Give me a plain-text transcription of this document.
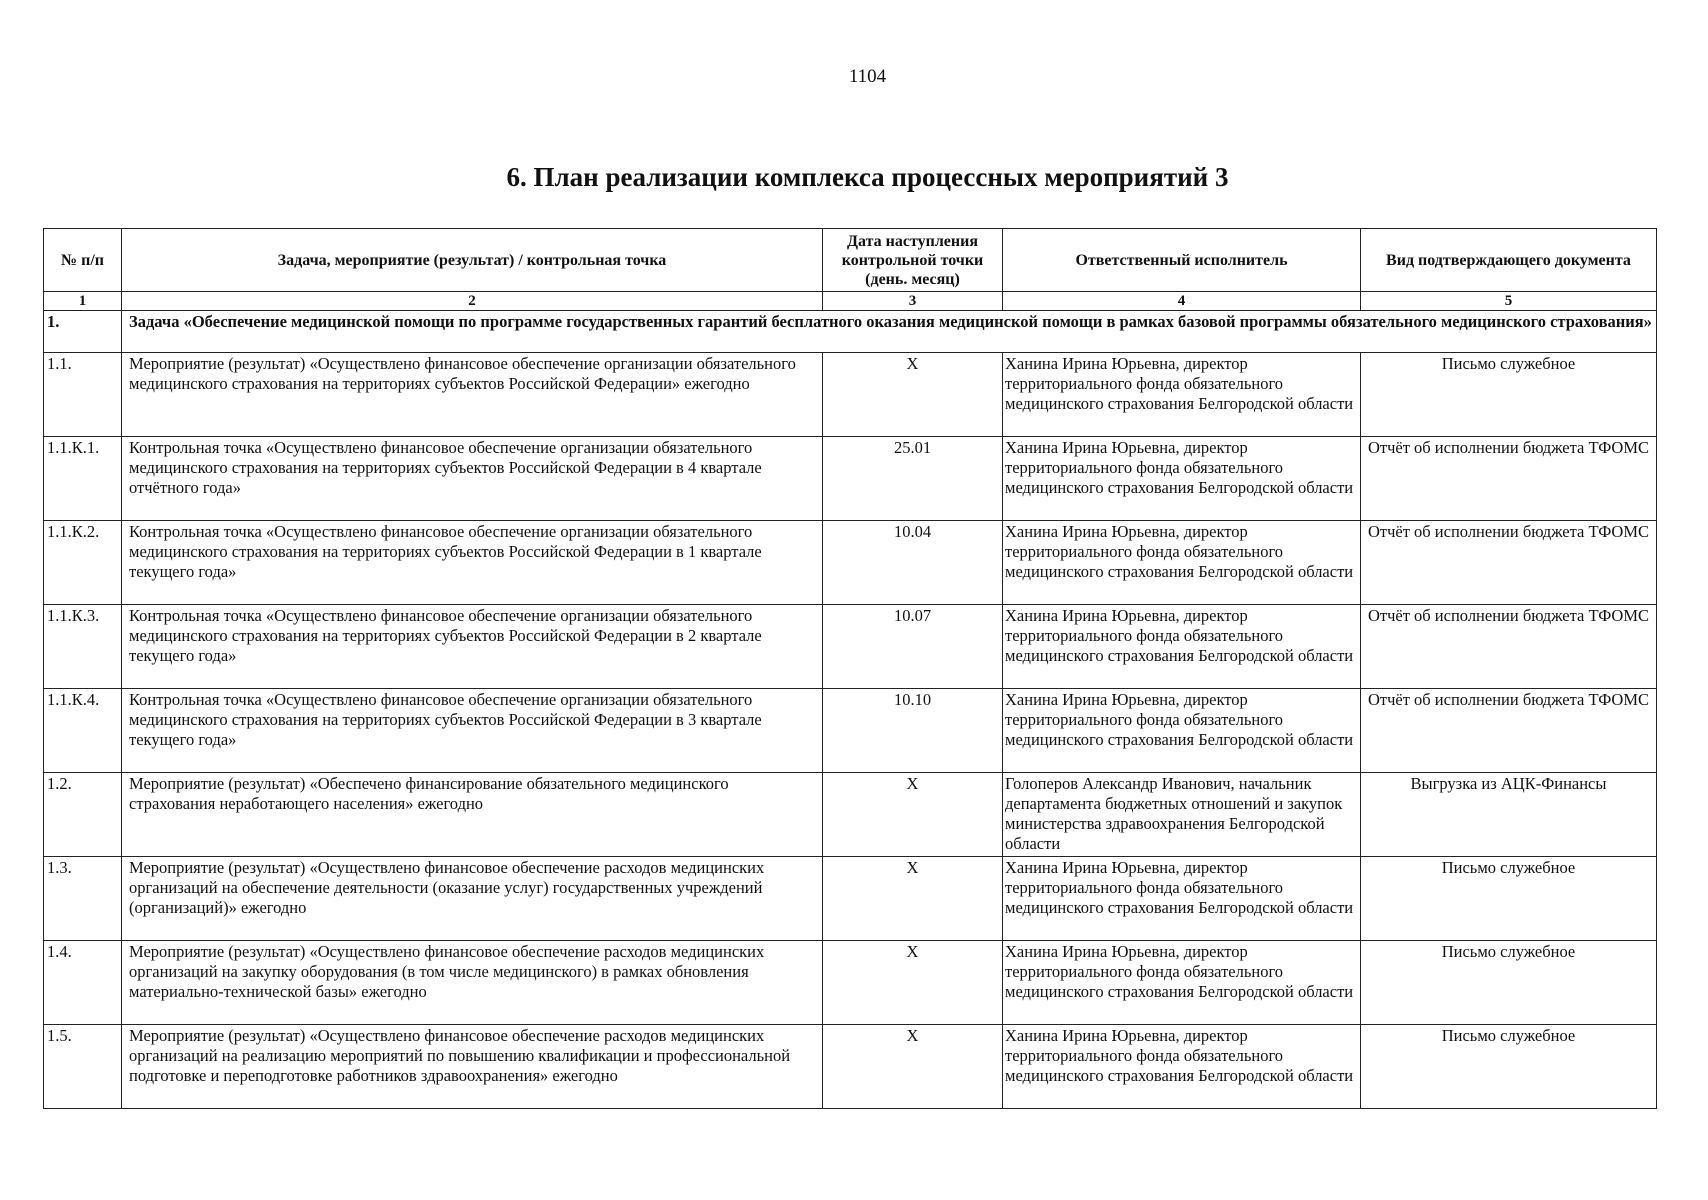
1104
6. План реализации комплекса процессных мероприятий 3
№ п/п	Задача, мероприятие (результат) / контрольная точка	Дата наступления контрольной точки (день. месяц)	Ответственный исполнитель	Вид подтверждающего документа
1	2	3	4	5
1.	Задача «Обеспечение медицинской помощи по программе государственных гарантий бесплатного оказания медицинской помощи в рамках базовой программы обязательного медицинского страхования»			
1.1.	Мероприятие (результат) «Осуществлено финансовое обеспечение организации обязательного медицинского страхования на территориях субъектов Российской Федерации» ежегодно	X	Ханина Ирина Юрьевна, директор территориального фонда обязательного медицинского страхования Белгородской области	Письмо служебное
1.1.К.1.	Контрольная точка «Осуществлено финансовое обеспечение организации обязательного медицинского страхования на территориях субъектов Российской Федерации в 4 квартале отчётного года»	25.01	Ханина Ирина Юрьевна, директор территориального фонда обязательного медицинского страхования Белгородской области	Отчёт об исполнении бюджета ТФОМС
1.1.К.2.	Контрольная точка «Осуществлено финансовое обеспечение организации обязательного медицинского страхования на территориях субъектов Российской Федерации в 1 квартале текущего года»	10.04	Ханина Ирина Юрьевна, директор территориального фонда обязательного медицинского страхования Белгородской области	Отчёт об исполнении бюджета ТФОМС
1.1.К.3.	Контрольная точка «Осуществлено финансовое обеспечение организации обязательного медицинского страхования на территориях субъектов Российской Федерации в 2 квартале текущего года»	10.07	Ханина Ирина Юрьевна, директор территориального фонда обязательного медицинского страхования Белгородской области	Отчёт об исполнении бюджета ТФОМС
1.1.К.4.	Контрольная точка «Осуществлено финансовое обеспечение организации обязательного медицинского страхования на территориях субъектов Российской Федерации в 3 квартале текущего года»	10.10	Ханина Ирина Юрьевна, директор территориального фонда обязательного медицинского страхования Белгородской области	Отчёт об исполнении бюджета ТФОМС
1.2.	Мероприятие (результат) «Обеспечено финансирование обязательного медицинского страхования неработающего населения» ежегодно	X	Голоперов Александр Иванович, начальник департамента бюджетных отношений и закупок министерства здравоохранения Белгородской области	Выгрузка из АЦК-Финансы
1.3.	Мероприятие (результат) «Осуществлено финансовое обеспечение расходов медицинских организаций на обеспечение деятельности (оказание услуг) государственных учреждений (организаций)» ежегодно	X	Ханина Ирина Юрьевна, директор территориального фонда обязательного медицинского страхования Белгородской области	Письмо служебное
1.4.	Мероприятие (результат) «Осуществлено финансовое обеспечение расходов медицинских организаций на закупку оборудования (в том числе медицинского) в рамках обновления материально-технической базы» ежегодно	X	Ханина Ирина Юрьевна, директор территориального фонда обязательного медицинского страхования Белгородской области	Письмо служебное
1.5.	Мероприятие (результат) «Осуществлено финансовое обеспечение расходов медицинских организаций на реализацию мероприятий по повышению квалификации и профессиональной подготовке и переподготовке работников здравоохранения» ежегодно	X	Ханина Ирина Юрьевна, директор территориального фонда обязательного медицинского страхования Белгородской области	Письмо служебное
